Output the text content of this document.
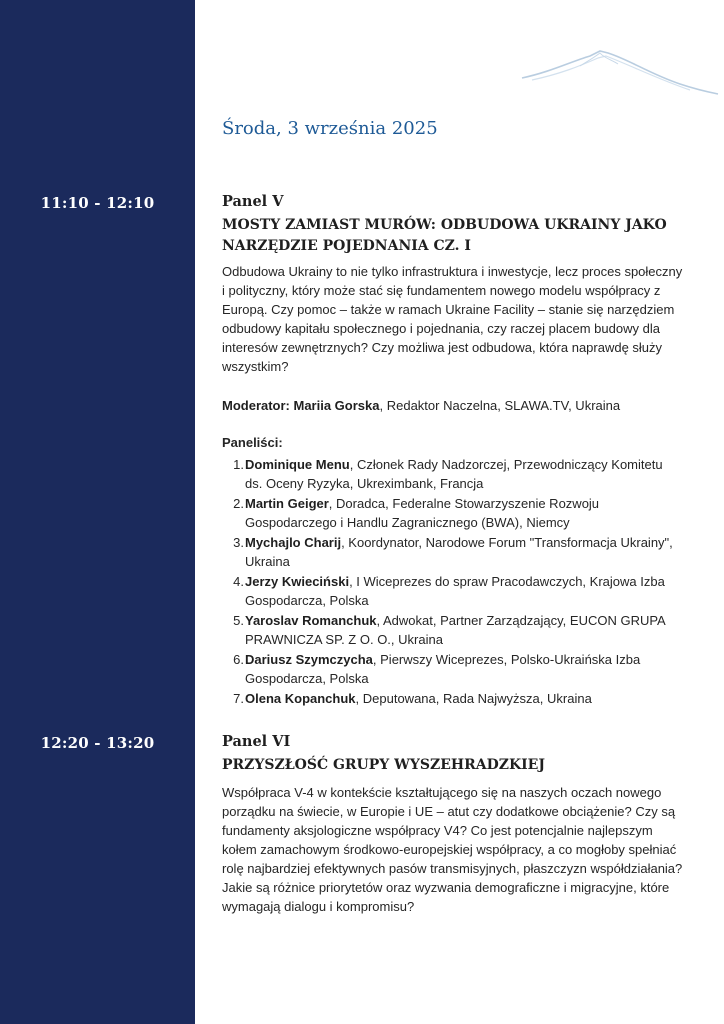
Środa, 3 września 2025
11:10 - 12:10	Panel V
MOSTY ZAMIAST MURÓW: ODBUDOWA UKRAINY JAKO
NARZĘDZIE POJEDNANIA CZ. I

Odbudowa Ukrainy to nie tylko infrastruktura i inwestycje, lecz proces społeczny i polityczny, który może stać się fundamentem nowego modelu współpracy z Europą. Czy pomoc – także w ramach Ukraine Facility – stanie się narzędziem odbudowy kapitału społecznego i pojednania, czy raczej placem budowy dla interesów zewnętrznych? Czy możliwa jest odbudowa, która naprawdę służy wszystkim?

Moderator: Mariia Gorska, Redaktor Naczelna, SLAWA.TV, Ukraina
Paneliści:
1. Dominique Menu, Członek Rady Nadzorczej, Przewodniczący Komitetu ds. Oceny Ryzyka, Ukreximbank, Francja
2. Martin Geiger, Doradca, Federalne Stowarzyszenie Rozwoju Gospodarczego i Handlu Zagranicznego (BWA), Niemcy
3. Mychajlo Charij, Koordynator, Narodowe Forum "Transformacja Ukrainy", Ukraina
4. Jerzy Kwieciński, I Wiceprezes do spraw Pracodawczych, Krajowa Izba Gospodarcza, Polska
5. Yaroslav Romanchuk, Adwokat, Partner Zarządzający, EUCON GRUPA PRAWNICZA SP. Z O. O., Ukraina
6. Dariusz Szymczycha, Pierwszy Wiceprezes, Polsko-Ukraińska Izba Gospodarcza, Polska
7. Olena Kopanchuk, Deputowana, Rada Najwyższa, Ukraina
12:20 - 13:20	Panel VI
PRZYSZŁOŚĆ GRUPY WYSZEHRADZKIEJ

Współpraca V-4 w kontekście kształtującego się na naszych oczach nowego porządku na świecie, w Europie i UE – atut czy dodatkowe obciążenie? Czy są fundamenty aksjologiczne współpracy V4? Co jest potencjalnie najlepszym kołem zamachowym środkowo-europejskiej współpracy, a co mogłoby spełniać rolę najbardziej efektywnych pasów transmisyjnych, płaszczyzn współdziałania? Jakie są różnice priorytetów oraz wyzwania demograficzne i migracyjne, które wymagają dialogu i kompromisu?
